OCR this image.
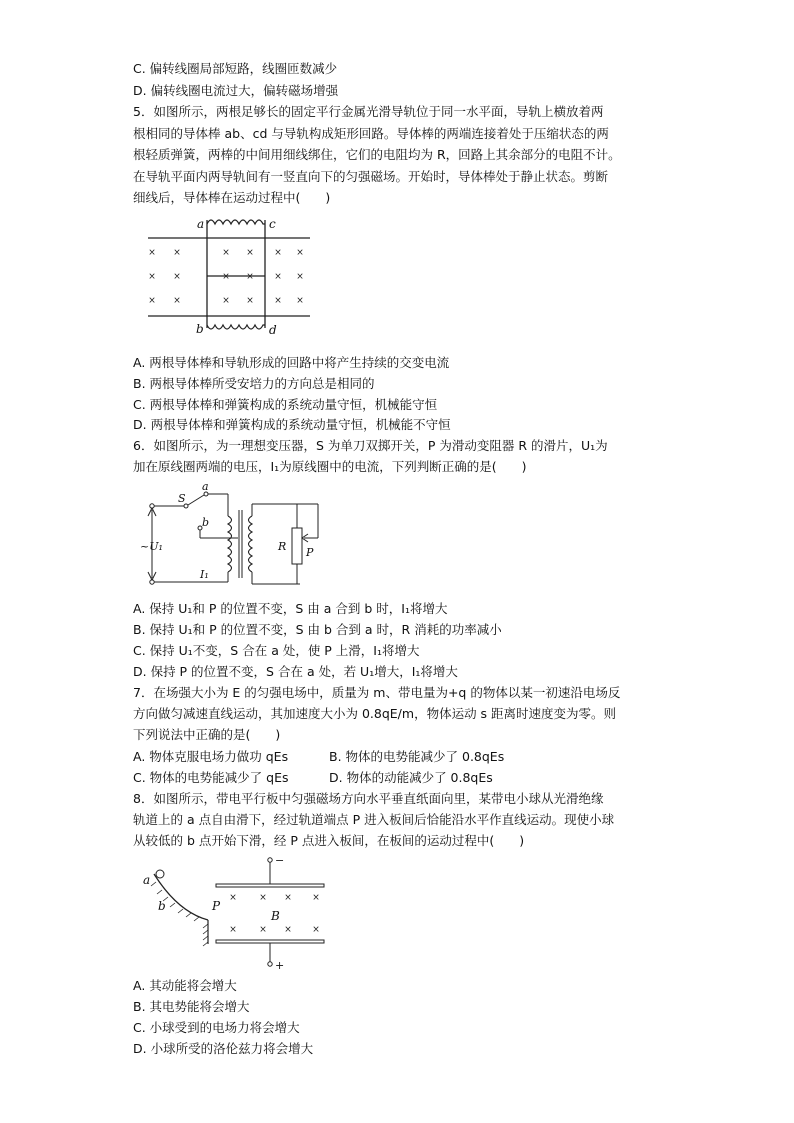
C. 偏转线圈局部短路，线圈匝数减少
D. 偏转线圈电流过大，偏转磁场增强
5．如图所示，两根足够长的固定平行金属光滑导轨位于同一水平面，导轨上横放着两
根相同的导体棒 ab、cd 与导轨构成矩形回路。导体棒的两端连接着处于压缩状态的两
根轻质弹簧，两棒的中间用细线绑住，它们的电阻均为 R，回路上其余部分的电阻不计。
在导轨平面内两导轨间有一竖直向下的匀强磁场。开始时，导体棒处于静止状态。剪断
细线后，导体棒在运动过程中(　　)
× ×	× × × ×
× ×	× × × ×
× ×	× × × ×
a	c
b	d
A. 两根导体棒和导轨形成的回路中将产生持续的交变电流
B. 两根导体棒所受安培力的方向总是相同的
C. 两根导体棒和弹簧构成的系统动量守恒，机械能守恒
D. 两根导体棒和弹簧构成的系统动量守恒，机械能不守恒
6．如图所示，为一理想变压器，S 为单刀双掷开关，P 为滑动变阻器 R 的滑片，U₁为
加在原线圈两端的电压，I₁为原线圈中的电流，下列判断正确的是(　　)
S
a
b
~U₁
I₁
R P
A. 保持 U₁和 P 的位置不变，S 由 a 合到 b 时，I₁将增大
B. 保持 U₁和 P 的位置不变，S 由 b 合到 a 时，R 消耗的功率减小
C. 保持 U₁不变，S 合在 a 处，使 P 上滑，I₁将增大
D. 保持 P 的位置不变，S 合在 a 处，若 U₁增大，I₁将增大
7．在场强大小为 E 的匀强电场中，质量为 m、带电量为+q 的物体以某一初速沿电场反
方向做匀减速直线运动，其加速度大小为 0.8qE/m，物体运动 s 距离时速度变为零。则
下列说法中正确的是(　　)
A. 物体克服电场力做功 qEs	B. 物体的电势能减少了 0.8qEs
C. 物体的电势能减少了 qEs	D. 物体的动能减少了 0.8qEs
8．如图所示，带电平行板中匀强磁场方向水平垂直纸面向里，某带电小球从光滑绝缘
轨道上的 a 点自由滑下，经过轨道端点 P 进入板间后恰能沿水平作直线运动。现使小球
从较低的 b 点开始下滑，经 P 点进入板间，在板间的运动过程中(　　)
× × × ×
× × × ×
a
b	P
B
−
+
A. 其动能将会增大
B. 其电势能将会增大
C. 小球受到的电场力将会增大
D. 小球所受的洛伦兹力将会增大
